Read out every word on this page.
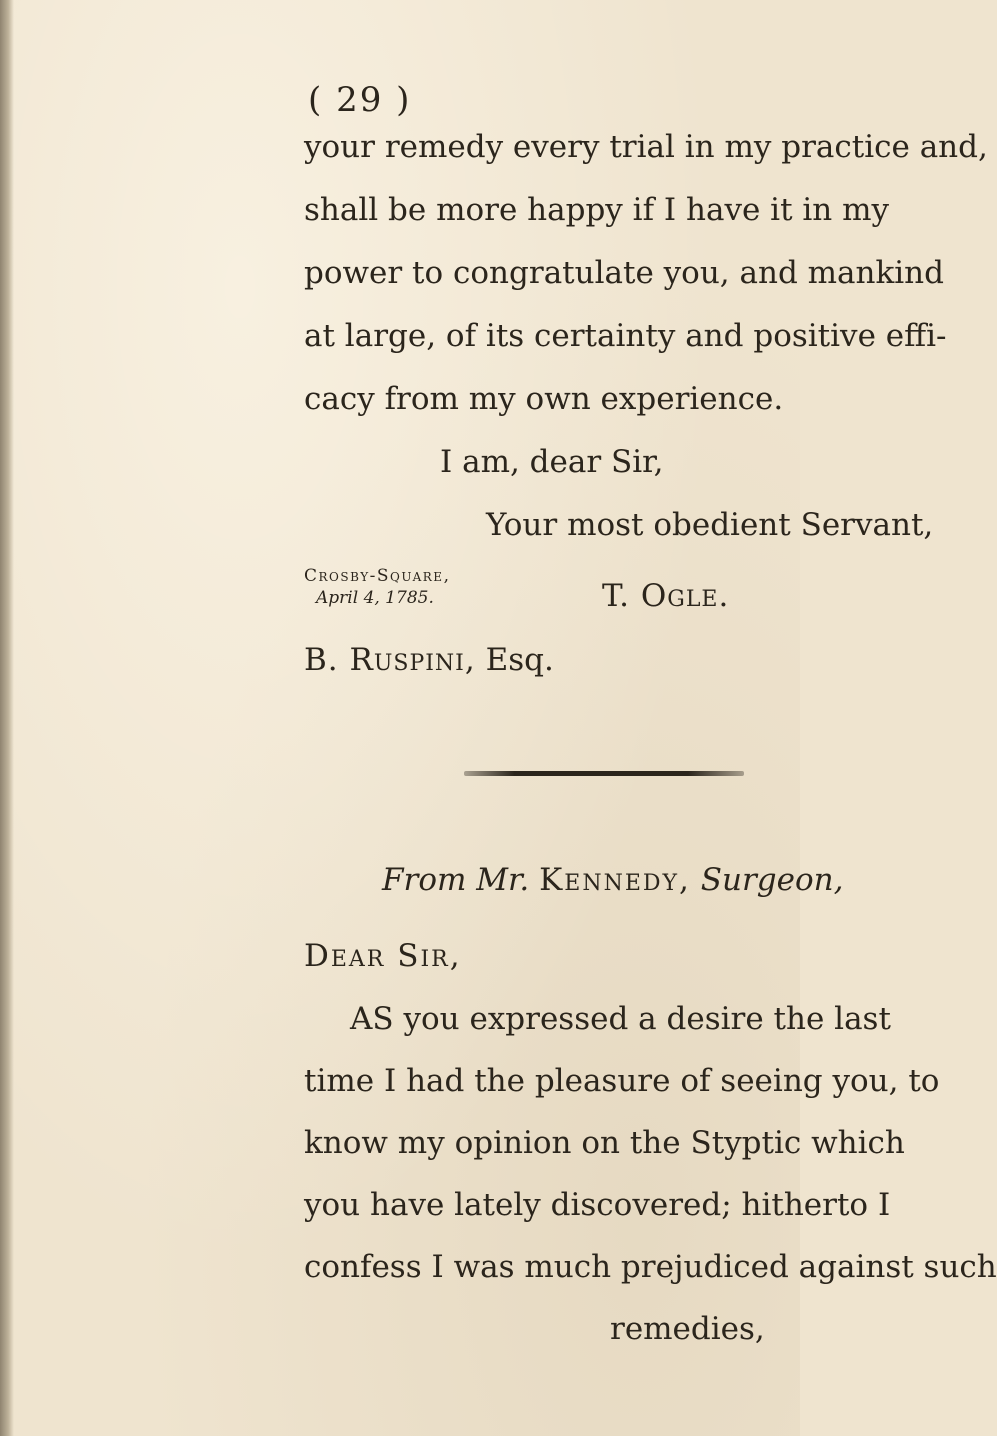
( 29 )
your remedy every trial in my practice and,
shall be more happy if I have it in my
power to congratulate you, and mankind
at large, of its certainty and positive effi-
cacy from my own experience.
I am, dear Sir,
Your most obedient Servant,
Crosby-Square,
April 4, 1785.	T. Ogle.
B. Ruspini, Esq.
From Mr. Kennedy, Surgeon,
Dear Sir,
AS you expressed a desire the last
time I had the pleasure of seeing you, to
know my opinion on the Styptic which
you have lately discovered; hitherto I
confess I was much prejudiced against such
remedies,
